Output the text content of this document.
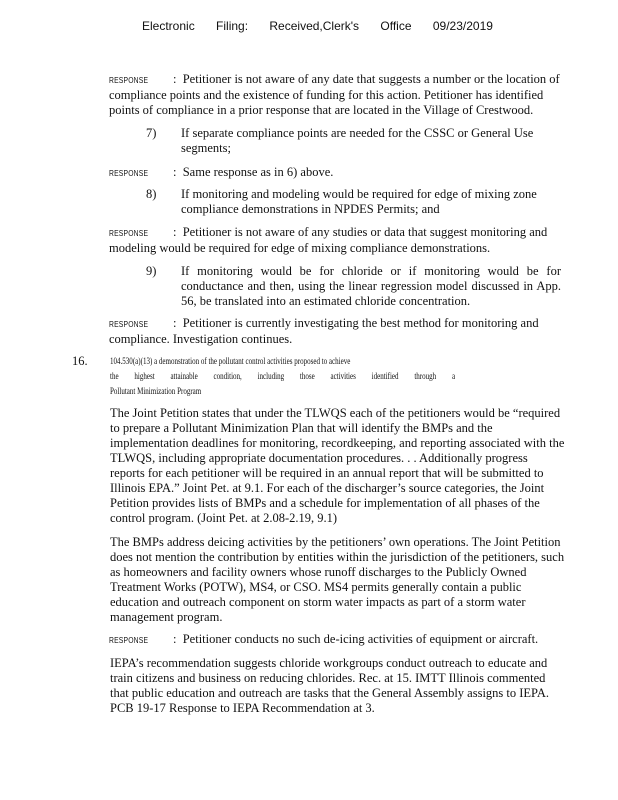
Electronic Filing: Received,Clerk's Office 09/23/2019
RESPONSE :  Petitioner is not aware of any date that suggests a number or the location of compliance points and the existence of funding for this action. Petitioner has identified points of compliance in a prior response that are located in the Village of Crestwood.
7) If separate compliance points are needed for the CSSC or General Use segments;
RESPONSE :  Same response as in 6) above.
8) If monitoring and modeling would be required for edge of mixing zone compliance demonstrations in NPDES Permits; and
RESPONSE :  Petitioner is not aware of any studies or data that suggest monitoring and modeling would be required for edge of mixing compliance demonstrations.
9) If monitoring would be for chloride or if monitoring would be for conductance and then, using the linear regression model discussed in App. 56, be translated into an estimated chloride concentration.
RESPONSE :  Petitioner is currently investigating the best method for monitoring and compliance. Investigation continues.
16. 104.530(a)(13) a demonstration of the pollutant control activities proposed to achieve
the highest attainable condition, including those activities identified through a
Pollutant Minimization Program
The Joint Petition states that under the TLWQS each of the petitioners would be “required to prepare a Pollutant Minimization Plan that will identify the BMPs and the implementation deadlines for monitoring, recordkeeping, and reporting associated with the TLWQS, including appropriate documentation procedures. . . Additionally progress reports for each petitioner will be required in an annual report that will be submitted to Illinois EPA.” Joint Pet. at 9.1. For each of the discharger’s source categories, the Joint Petition provides lists of BMPs and a schedule for implementation of all phases of the control program. (Joint Pet. at 2.08-2.19, 9.1)
The BMPs address deicing activities by the petitioners’ own operations. The Joint Petition does not mention the contribution by entities within the jurisdiction of the petitioners, such as homeowners and facility owners whose runoff discharges to the Publicly Owned Treatment Works (POTW), MS4, or CSO. MS4 permits generally contain a public education and outreach component on storm water impacts as part of a storm water management program.
RESPONSE :  Petitioner conducts no such de-icing activities of equipment or aircraft.
IEPA’s recommendation suggests chloride workgroups conduct outreach to educate and train citizens and business on reducing chlorides. Rec. at 15. IMTT Illinois commented that public education and outreach are tasks that the General Assembly assigns to IEPA. PCB 19-17 Response to IEPA Recommendation at 3.
